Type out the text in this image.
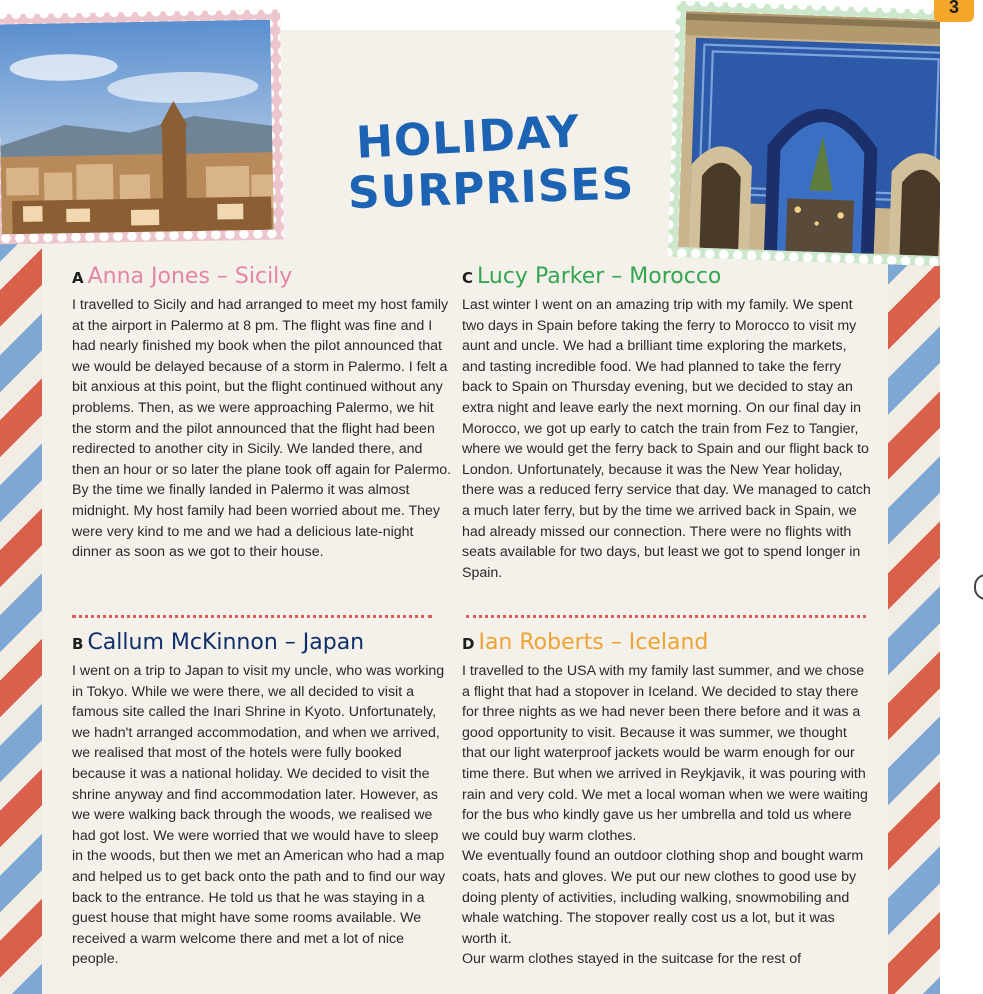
HOLIDAY
SURPRISES
A Anna Jones – Sicily

I travelled to Sicily and had arranged to meet my host family at the airport in Palermo at 8 pm. The flight was fine and I had nearly finished my book when the pilot announced that we would be delayed because of a storm in Palermo. I felt a bit anxious at this point, but the flight continued without any problems. Then, as we were approaching Palermo, we hit the storm and the pilot announced that the flight had been redirected to another city in Sicily. We landed there, and then an hour or so later the plane took off again for Palermo. By the time we finally landed in Palermo it was almost midnight. My host family had been worried about me. They were very kind to me and we had a delicious late-night dinner as soon as we got to their house.

C Lucy Parker – Morocco

Last winter I went on an amazing trip with my family. We spent two days in Spain before taking the ferry to Morocco to visit my aunt and uncle. We had a brilliant time exploring the markets, and tasting incredible food. We had planned to take the ferry back to Spain on Thursday evening, but we decided to stay an extra night and leave early the next morning. On our final day in Morocco, we got up early to catch the train from Fez to Tangier, where we would get the ferry back to Spain and our flight back to London. Unfortunately, because it was the New Year holiday, there was a reduced ferry service that day. We managed to catch a much later ferry, but by the time we arrived back in Spain, we had already missed our connection. There were no flights with seats available for two days, but least we got to spend longer in Spain.

B Callum McKinnon – Japan

I went on a trip to Japan to visit my uncle, who was working in Tokyo. While we were there, we all decided to visit a famous site called the Inari Shrine in Kyoto. Unfortunately, we hadn't arranged accommodation, and when we arrived, we realised that most of the hotels were fully booked because it was a national holiday. We decided to visit the shrine anyway and find accommodation later. However, as we were walking back through the woods, we realised we had got lost. We were worried that we would have to sleep in the woods, but then we met an American who had a map and helped us to get back onto the path and to find our way back to the entrance. He told us that he was staying in a guest house that might have some rooms available. We received a warm welcome there and met a lot of nice people.

D Ian Roberts – Iceland

I travelled to the USA with my family last summer, and we chose a flight that had a stopover in Iceland. We decided to stay there for three nights as we had never been there before and it was a good opportunity to visit. Because it was summer, we thought that our light waterproof jackets would be warm enough for our time there. But when we arrived in Reykjavik, it was pouring with rain and very cold. We met a local woman when we were waiting for the bus who kindly gave us her umbrella and told us where we could buy warm clothes.

We eventually found an outdoor clothing shop and bought warm coats, hats and gloves. We put our new clothes to good use by doing plenty of activities, including walking, snowmobiling and whale watching. The stopover really cost us a lot, but it was worth it.

Our warm clothes stayed in the suitcase for the rest of

3
